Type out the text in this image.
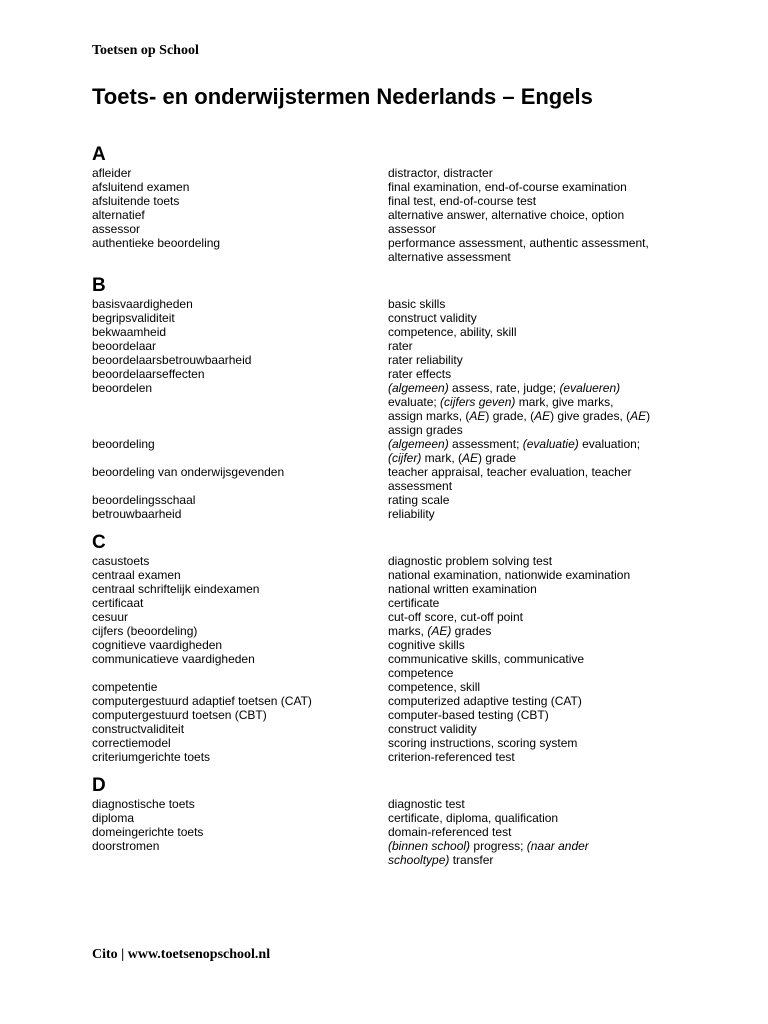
Toetsen op School
Toets- en onderwijstermen Nederlands – Engels
A
afleider	distractor, distracter
afsluitend examen	final examination, end-of-course examination
afsluitende toets	final test, end-of-course test
alternatief	alternative answer, alternative choice, option
assessor	assessor
authentieke beoordeling	performance assessment, authentic assessment,
alternative assessment
B
basisvaardigheden	basic skills
begripsvaliditeit	construct validity
bekwaamheid	competence, ability, skill
beoordelaar	rater
beoordelaarsbetrouwbaarheid	rater reliability
beoordelaarseffecten	rater effects
beoordelen	(algemeen) assess, rate, judge; (evalueren)
evaluate; (cijfers geven) mark, give marks,
assign marks, (AE) grade, (AE) give grades, (AE)
assign grades
beoordeling	(algemeen) assessment; (evaluatie) evaluation;
(cijfer) mark, (AE) grade
beoordeling van onderwijsgevenden	teacher appraisal, teacher evaluation, teacher
assessment
beoordelingsschaal	rating scale
betrouwbaarheid	reliability
C
casustoets	diagnostic problem solving test
centraal examen	national examination, nationwide examination
centraal schriftelijk eindexamen	national written examination
certificaat	certificate
cesuur	cut-off score, cut-off point
cijfers (beoordeling)	marks, (AE) grades
cognitieve vaardigheden	cognitive skills
communicatieve vaardigheden	communicative skills, communicative
competence
competentie	competence, skill
computergestuurd adaptief toetsen (CAT)	computerized adaptive testing (CAT)
computergestuurd toetsen (CBT)	computer-based testing (CBT)
constructvaliditeit	construct validity
correctiemodel	scoring instructions, scoring system
criteriumgerichte toets	criterion-referenced test
D
diagnostische toets	diagnostic test
diploma	certificate, diploma, qualification
domeingerichte toets	domain-referenced test
doorstromen	(binnen school) progress; (naar ander
schooltype) transfer
Cito | www.toetsenopschool.nl
